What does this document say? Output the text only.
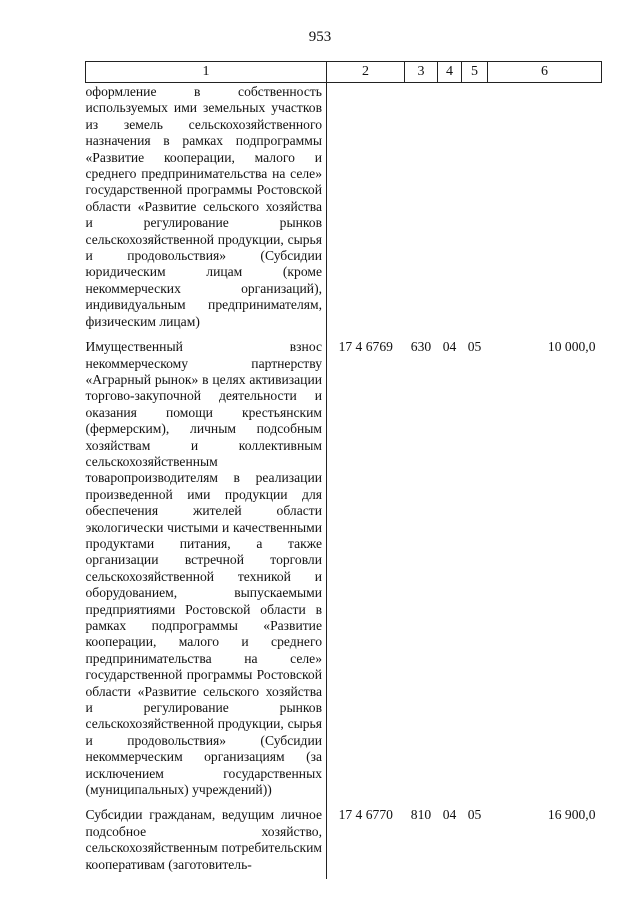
953
1	2	3	4	5	6
оформление в собственность используемых ими земельных участков из земель сельскохозяйственного назначения в рамках подпрограммы «Развитие кооперации, малого и среднего предпринимательства на селе» государственной программы Ростовской области «Развитие сельского хозяйства и регулирование рынков сельскохозяйственной продукции, сырья и продовольствия» (Субсидии юридическим лицам (кроме некоммерческих организаций), индивидуальным предпринимателям, физическим лицам)					
Имущественный взнос некоммерческому партнерству «Аграрный рынок» в целях активизации торгово-закупочной деятельности и оказания помощи крестьянским (фермерским), личным подсобным хозяйствам и коллективным сельскохозяйственным товаропроизводителям в реализации произведенной ими продукции для обеспечения жителей области экологически чистыми и качественными продуктами питания, а также организации встречной торговли сельскохозяйственной техникой и оборудованием, выпускаемыми предприятиями Ростовской области в рамках подпрограммы «Развитие кооперации, малого и среднего предпринимательства на селе» государственной программы Ростовской области «Развитие сельского хозяйства и регулирование рынков сельскохозяйственной продукции, сырья и продовольствия» (Субсидии некоммерческим организациям (за исключением государственных (муниципальных) учреждений))	17 4 6769	630	04	05	10 000,0
Субсидии гражданам, ведущим личное подсобное хозяйство, сельскохозяйственным потребительским кооперативам (заготовитель-	17 4 6770	810	04	05	16 900,0
